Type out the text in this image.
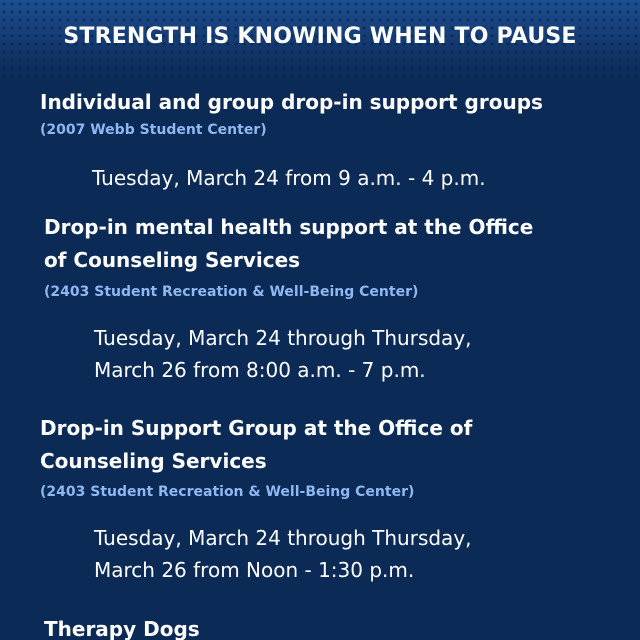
STRENGTH IS KNOWING WHEN TO PAUSE
Individual and group drop-in support groups
(2007 Webb Student Center)
Tuesday, March 24 from 9 a.m. - 4 p.m.
Drop-in mental health support at the Office
of Counseling Services
(2403 Student Recreation & Well-Being Center)
Tuesday, March 24 through Thursday,
March 26 from 8:00 a.m. - 7 p.m.
Drop-in Support Group at the Office of
Counseling Services
(2403 Student Recreation & Well-Being Center)
Tuesday, March 24 through Thursday,
March 26 from Noon - 1:30 p.m.
Therapy Dogs
